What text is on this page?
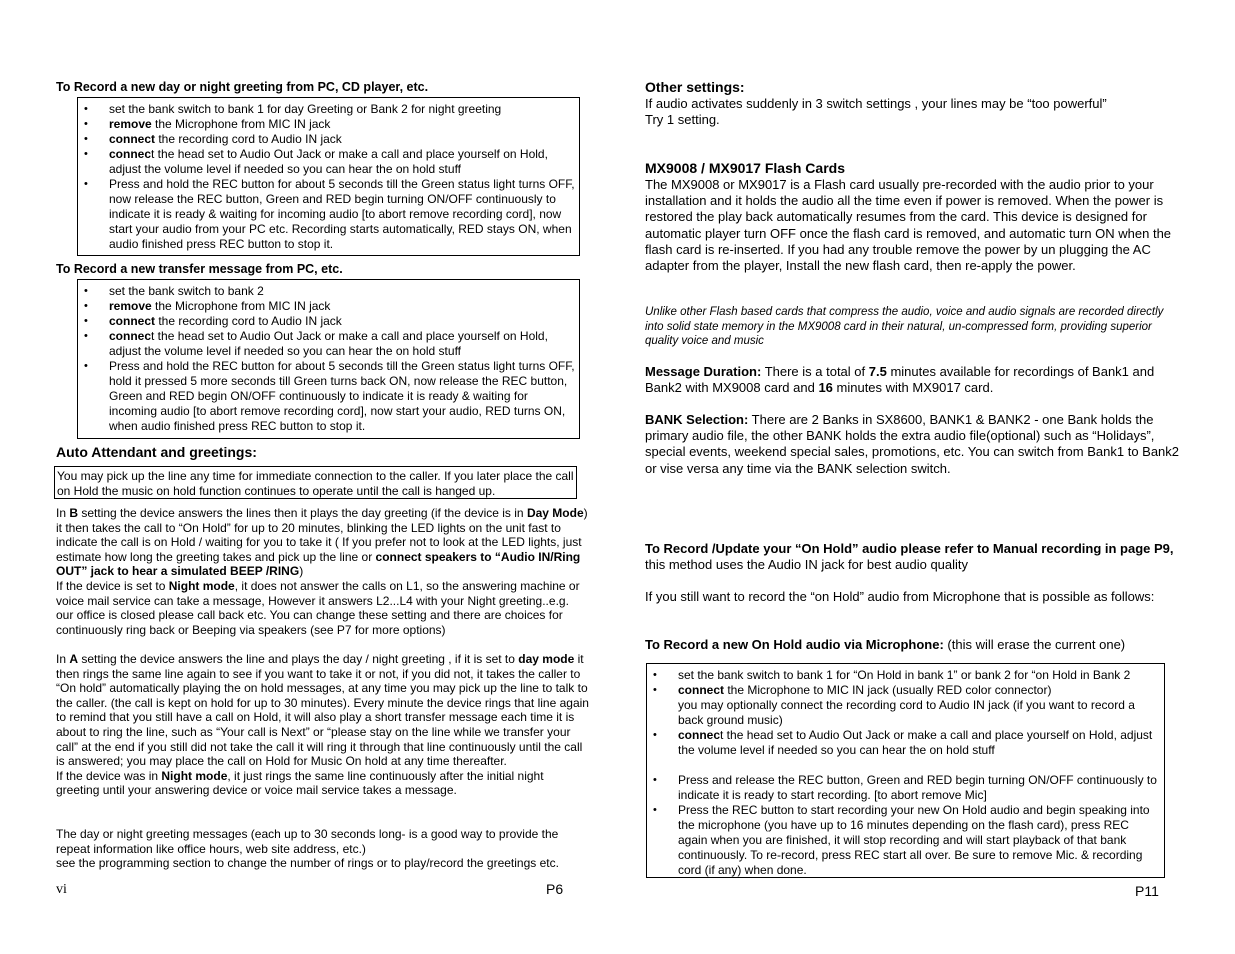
To Record a new day or night greeting from PC, CD player, etc.
• set the bank switch to bank 1 for day Greeting or Bank 2 for night greeting
• remove the Microphone from MIC IN jack
• connect the recording cord to Audio IN jack
• connect the head set to Audio Out Jack or make a call and place yourself on Hold, adjust the volume level if needed so you can hear the on hold stuff
• Press and hold the REC button for about 5 seconds till the Green status light turns OFF, now release the REC button, Green and RED begin turning ON/OFF continuously to indicate it is ready & waiting for incoming audio [to abort remove recording cord], now start your audio from your PC etc. Recording starts automatically, RED stays ON, when audio finished press REC button to stop it.
To Record a new transfer message from PC, etc.
• set the bank switch to bank 2
• remove the Microphone from MIC IN jack
• connect the recording cord to Audio IN jack
• connect the head set to Audio Out Jack or make a call and place yourself on Hold, adjust the volume level if needed so you can hear the on hold stuff
• Press and hold the REC button for about 5 seconds till the Green status light turns OFF, hold it pressed 5 more seconds till Green turns back ON, now release the REC button, Green and RED begin ON/OFF continuously to indicate it is ready & waiting for incoming audio [to abort remove recording cord], now start your audio, RED turns ON, when audio finished press REC button to stop it.
Auto Attendant and greetings:
You may pick up the line any time for immediate connection to the caller. If you later place the call on Hold the music on hold function continues to operate until the call is hanged up.

In B setting the device answers the lines then it plays the day greeting (if the device is in Day Mode) it then takes the call to “On Hold” for up to 20 minutes, blinking the LED lights on the unit fast to indicate the call is on Hold / waiting for you to take it ( If you prefer not to look at the LED lights, just estimate how long the greeting takes and pick up the line or connect speakers to “Audio IN/Ring OUT” jack to hear a simulated BEEP /RING)

If the device is set to Night mode, it does not answer the calls on L1, so the answering machine or voice mail service can take a message, However it answers L2...L4 with your Night greeting..e.g. our office is closed please call back etc. You can change these setting and there are choices for continuously ring back or Beeping via speakers (see P7 for more options)

In A setting the device answers the line and plays the day / night greeting , if it is set to day mode it then rings the same line again to see if you want to take it or not, if you did not, it takes the caller to “On hold” automatically playing the on hold messages, at any time you may pick up the line to talk to the caller. (the call is kept on hold for up to 30 minutes). Every minute the device rings that line again to remind that you still have a call on Hold, it will also play a short transfer message each time it is about to ring the line, such as “Your call is Next” or “please stay on the line while we transfer your call” at the end if you still did not take the call it will ring it through that line continuously until the call is answered; you may place the call on Hold for Music On hold at any time thereafter.

If the device was in Night mode, it just rings the same line continuously after the initial night greeting until your answering device or voice mail service takes a message.

The day or night greeting messages (each up to 30 seconds long- is a good way to provide the repeat information like office hours, web site address, etc.)

see the programming section to change the number of rings or to play/record the greetings etc.

vi	P6
Other settings:
If audio activates suddenly in 3 switch settings , your lines may be “too powerful” Try 1 setting.
MX9008 / MX9017 Flash Cards
The MX9008 or MX9017 is a Flash card usually pre-recorded with the audio prior to your installation and it holds the audio all the time even if power is removed. When the power is restored the play back automatically resumes from the card. This device is designed for automatic player turn OFF once the flash card is removed, and automatic turn ON when the flash card is re-inserted. If you had any trouble remove the power by un plugging the AC adapter from the player, Install the new flash card, then re-apply the power.
Unlike other Flash based cards that compress the audio, voice and audio signals are recorded directly into solid state memory in the MX9008 card in their natural, un-compressed form, providing superior quality voice and music
Message Duration: There is a total of 7.5 minutes available for recordings of Bank1 and Bank2 with MX9008 card and 16 minutes with MX9017 card.
BANK Selection: There are 2 Banks in SX8600, BANK1 & BANK2 - one Bank holds the primary audio file, the other BANK holds the extra audio file(optional) such as “Holidays”, special events, weekend special sales, promotions, etc. You can switch from Bank1 to Bank2 or vise versa any time via the BANK selection switch.
To Record /Update your “On Hold” audio please refer to Manual recording in page P9, this method uses the Audio IN jack for best audio quality
If you still want to record the “on Hold” audio from Microphone that is possible as follows:
To Record a new On Hold audio via Microphone: (this will erase the current one)
• set the bank switch to bank 1 for “On Hold in bank 1” or bank 2 for “on Hold in Bank 2
• connect the Microphone to MIC IN jack (usually RED color connector)
you may optionally connect the recording cord to Audio IN jack (if you want to record a back ground music)
• connect the head set to Audio Out Jack or make a call and place yourself on Hold, adjust the volume level if needed so you can hear the on hold stuff
• Press and release the REC button, Green and RED begin turning ON/OFF continuously to indicate it is ready to start recording. [to abort remove Mic]
• Press the REC button to start recording your new On Hold audio and begin speaking into the microphone (you have up to 16 minutes depending on the flash card), press REC again when you are finished, it will stop recording and will start playback of that bank continuously. To re-record, press REC start all over. Be sure to remove Mic. & recording cord (if any) when done.
P11
